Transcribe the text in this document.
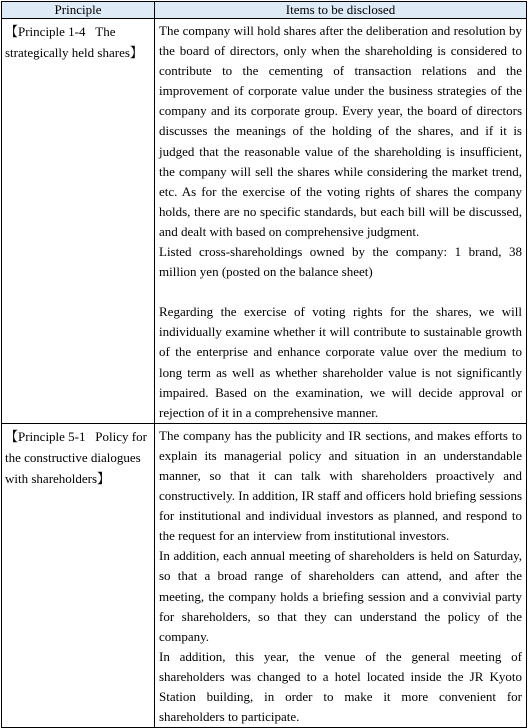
Principle	Items to be disclosed
【Principle 1-4   The strategically held shares】	The company will hold shares after the deliberation and resolution by the board of directors, only when the shareholding is considered to contribute to the cementing of transaction relations and the improvement of corporate value under the business strategies of the company and its corporate group. Every year, the board of directors discusses the meanings of the holding of the shares, and if it is judged that the reasonable value of the shareholding is insufficient, the company will sell the shares while considering the market trend, etc. As for the exercise of the voting rights of shares the company holds, there are no specific standards, but each bill will be discussed, and dealt with based on comprehensive judgment.

Listed cross-shareholdings owned by the company: 1 brand, 38 million yen (posted on the balance sheet)

Regarding the exercise of voting rights for the shares, we will individually examine whether it will contribute to sustainable growth of the enterprise and enhance corporate value over the medium to long term as well as whether shareholder value is not significantly impaired. Based on the examination, we will decide approval or rejection of it in a comprehensive manner.

【Principle 5-1   Policy for the constructive dialogues with shareholders】	The company has the publicity and IR sections, and makes efforts to explain its managerial policy and situation in an understandable manner, so that it can talk with shareholders proactively and constructively. In addition, IR staff and officers hold briefing sessions for institutional and individual investors as planned, and respond to the request for an interview from institutional investors.

In addition, each annual meeting of shareholders is held on Saturday, so that a broad range of shareholders can attend, and after the meeting, the company holds a briefing session and a convivial party for shareholders, so that they can understand the policy of the company.

In addition, this year, the venue of the general meeting of shareholders was changed to a hotel located inside the JR Kyoto Station building, in order to make it more convenient for shareholders to participate.
